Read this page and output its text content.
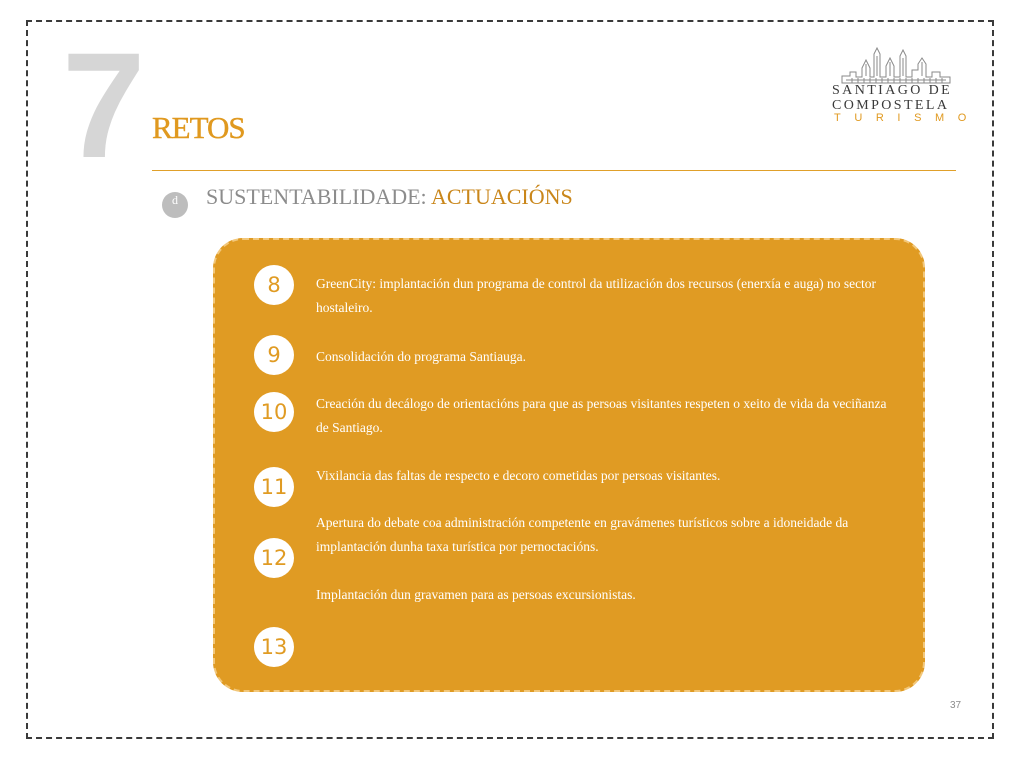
7 RETOS
d	SUSTENTABILIDADE: ACTUACIÓNS
SANTIAGO DE
COMPOSTELA
TURISMO
8
9
10
11
12
13
GreenCity: implantación dun programa de control da utilización dos recursos (enerxía e auga) no sector hostaleiro.
Consolidación do programa Santiauga.
Creación du decálogo de orientacións para que as persoas visitantes respeten o xeito de vida da veciñanza de Santiago.
Vixilancia das faltas de respecto e decoro cometidas por persoas visitantes.
Apertura do debate coa administración competente en gravámenes turísticos sobre a idoneidade da implantación dunha taxa turística por pernoctacións.
Implantación dun gravamen para as persoas excursionistas.
37
